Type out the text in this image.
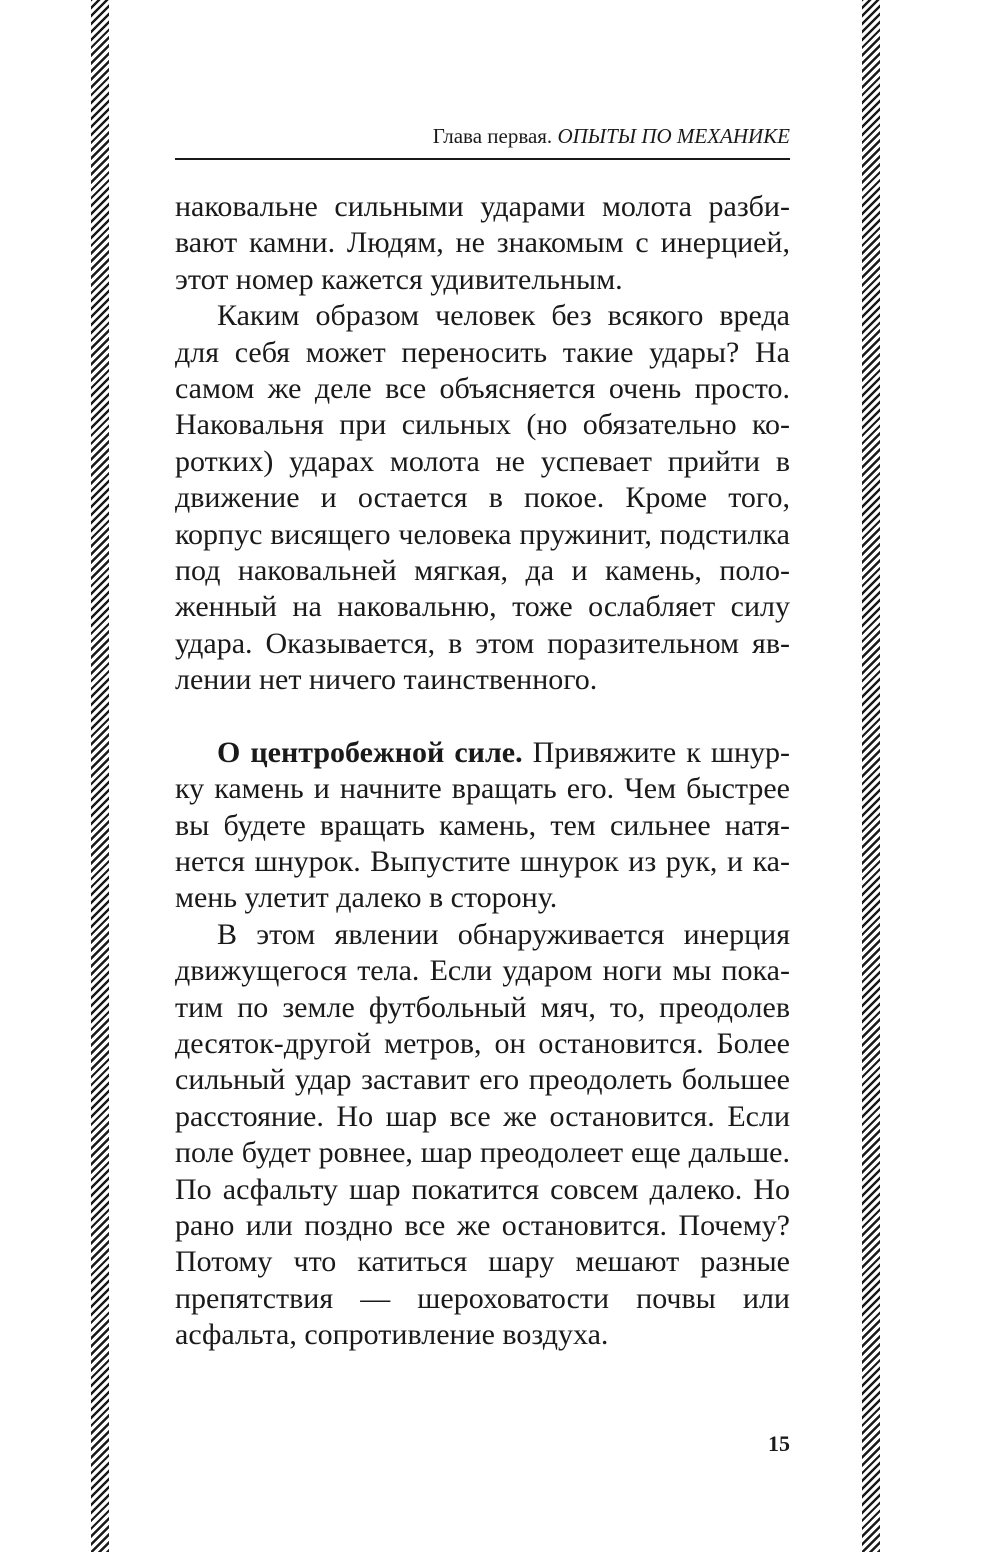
Глава первая. ОПЫТЫ ПО МЕХАНИКЕ

наковальне сильными ударами молота разбивают камни. Людям, не знакомым с инерцией, этот номер кажется удивительным.

Каким образом человек без всякого вреда для себя может переносить такие удары? На самом же деле все объясняется очень просто. Наковальня при сильных (но обязательно коротких) ударах молота не успевает прийти в движение и остается в покое. Кроме того, корпус висящего человека пружинит, подстилка под наковальней мягкая, да и камень, положенный на наковальню, тоже ослабляет силу удара. Оказывается, в этом поразительном явлении нет ничего таинственного.

О центробежной силе. Привяжите к шнурку камень и начните вращать его. Чем быстрее вы будете вращать камень, тем сильнее натянется шнурок. Выпустите шнурок из рук, и камень улетит далеко в сторону.

В этом явлении обнаруживается инерция движущегося тела. Если ударом ноги мы покатим по земле футбольный мяч, то, преодолев десяток-другой метров, он остановится. Более сильный удар заставит его преодолеть большее расстояние. Но шар все же остановится. Если поле будет ровнее, шар преодолеет еще дальше. По асфальту шар покатится совсем далеко. Но рано или поздно все же остановится. Почему? Потому что катиться шару мешают разные препятствия — шероховатости почвы или асфальта, сопротивление воздуха.

15
